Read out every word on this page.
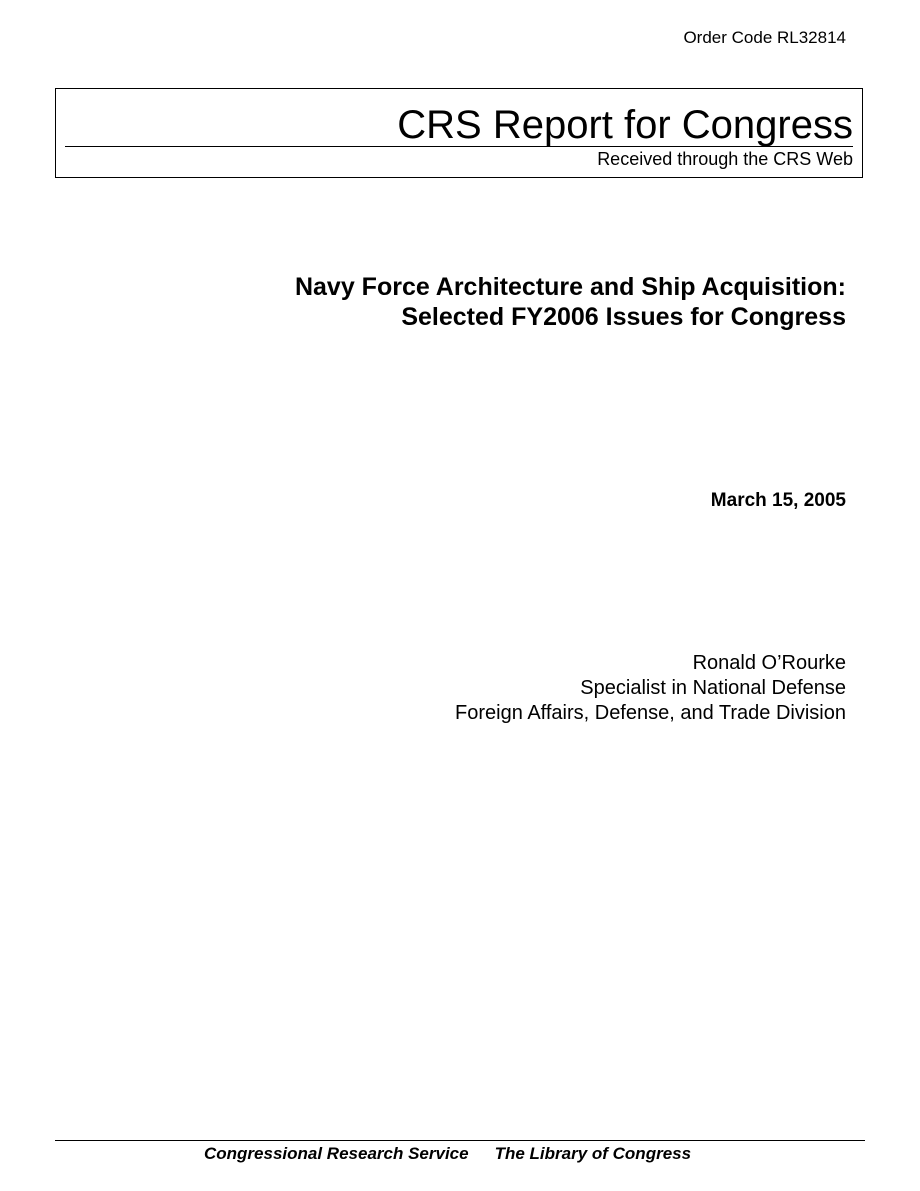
Order Code RL32814
CRS Report for Congress
Received through the CRS Web
Navy Force Architecture and Ship Acquisition:
Selected FY2006 Issues for Congress
March 15, 2005
Ronald O’Rourke
Specialist in National Defense
Foreign Affairs, Defense, and Trade Division
Congressional Research Service The Library of Congress
